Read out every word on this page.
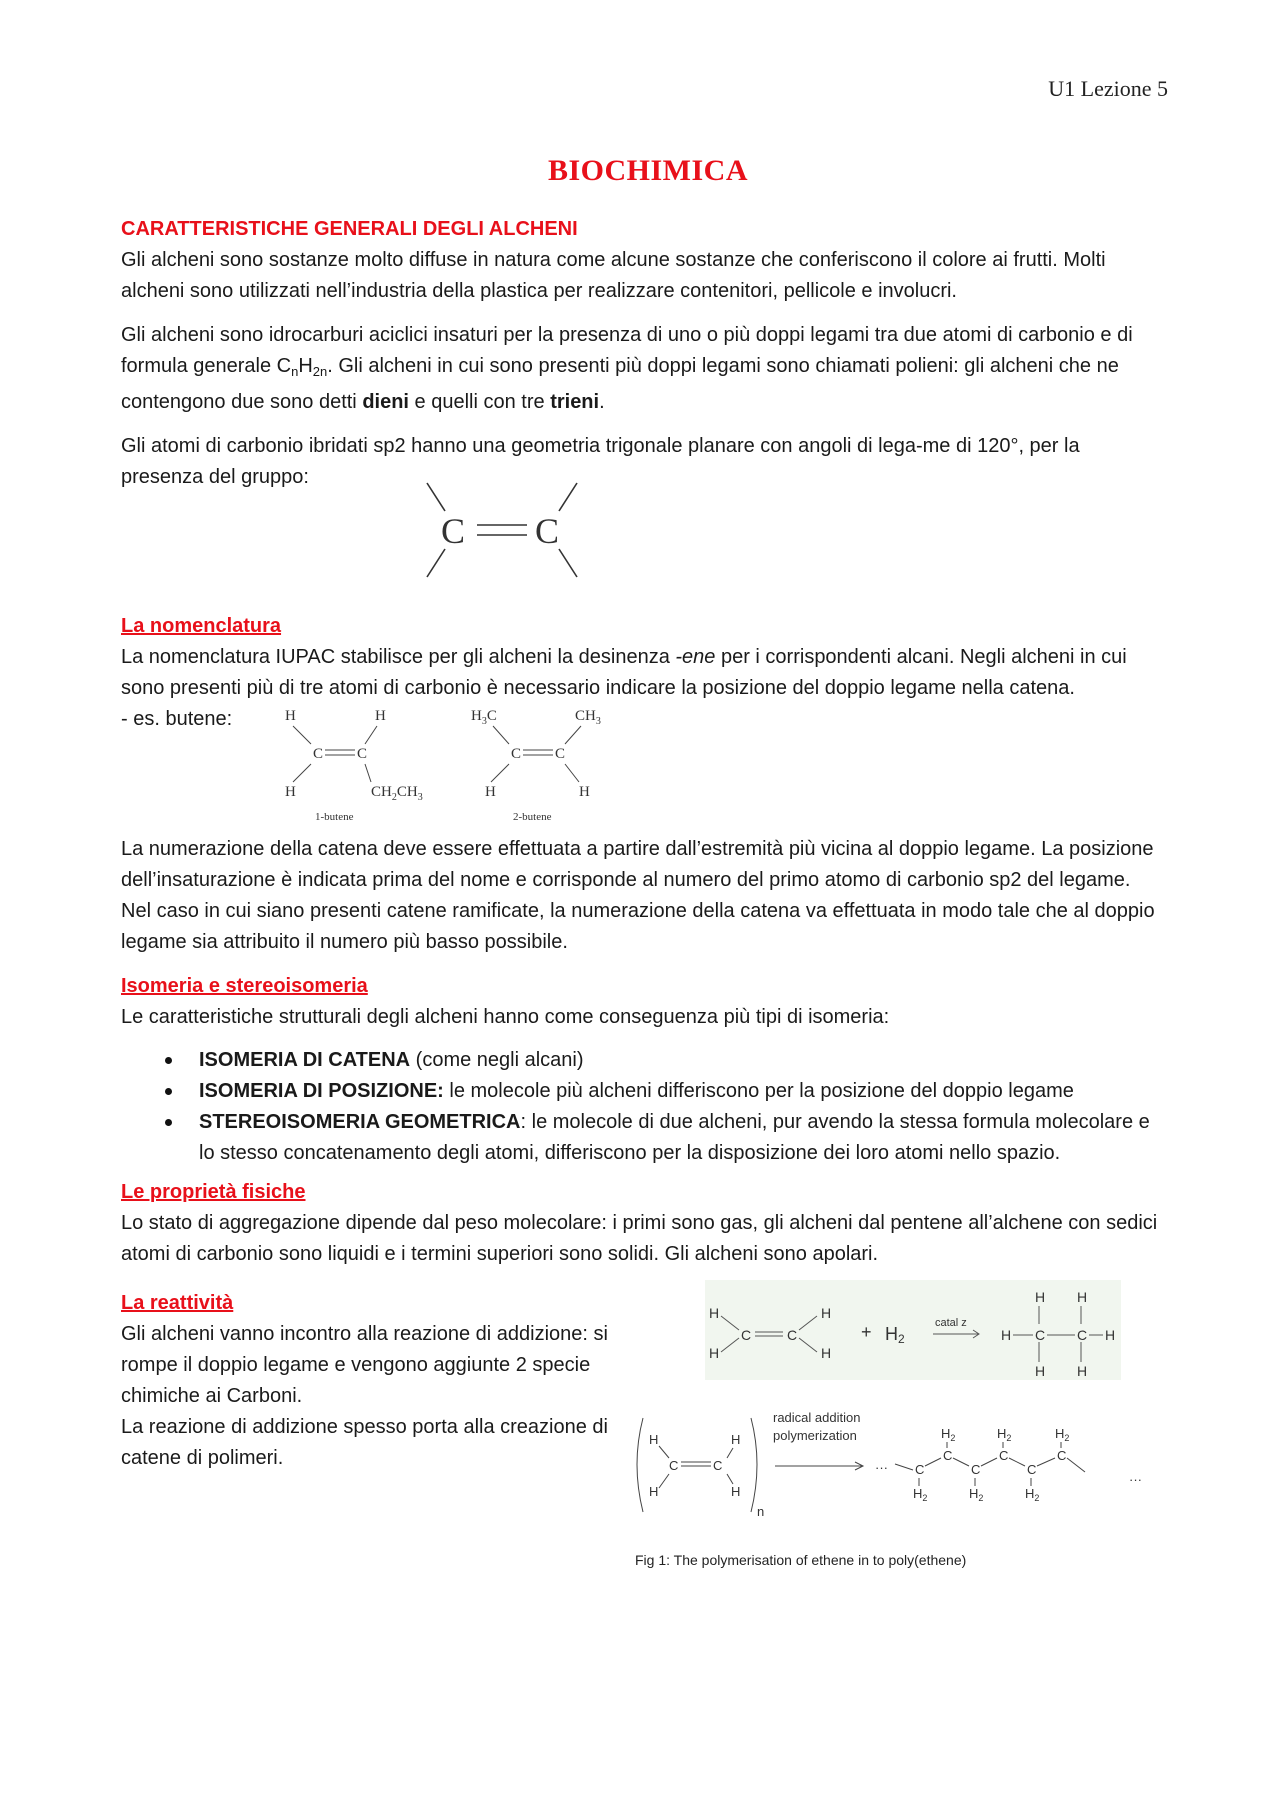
U1 Lezione 5
BIOCHIMICA
CARATTERISTICHE GENERALI DEGLI ALCHENI

Gli alcheni sono sostanze molto diffuse in natura come alcune sostanze che conferiscono il colore ai frutti. Molti alcheni sono utilizzati nell’industria della plastica per realizzare contenitori, pellicole e involucri.

Gli alcheni sono idrocarburi aciclici insaturi per la presenza di uno o più doppi legami tra due atomi di carbonio e di formula generale $C_nH_{2n}$. Gli alcheni in cui sono presenti più doppi legami sono chiamati polieni: gli alcheni che ne contengono due sono detti dieni e quelli con tre trieni.

Gli atomi di carbonio ibridati sp2 hanno una geometria trigonale planare con angoli di lega-me di 120°, per la presenza del gruppo:

C C
La nomenclatura

La nomenclatura IUPAC stabilisce per gli alcheni la desinenza -ene per i corrispondenti alcani. Negli alcheni in cui sono presenti più di tre atomi di carbonio è necessario indicare la posizione del doppio legame nella catena.

- es. butene:	H	H
C C
H	$CH_2CH_3$
1-butene
$H_3C$	$CH_3$
C C
H	H
2-butene

La numerazione della catena deve essere effettuata a partire dall’estremità più vicina al doppio legame. La posizione dell’insaturazione è indicata prima del nome e corrisponde al numero del primo atomo di carbonio sp2 del legame. Nel caso in cui siano presenti catene ramificate, la numerazione della catena va effettuata in modo tale che al doppio legame sia attribuito il numero più basso possibile.

Isomeria e stereoisomeria

Le caratteristiche strutturali degli alcheni hanno come conseguenza più tipi di isomeria:

ISOMERIA DI CATENA (come negli alcani)
ISOMERIA DI POSIZIONE: le molecole più alcheni differiscono per la posizione del doppio legame
STEREOISOMERIA GEOMETRICA: le molecole di due alcheni, pur avendo la stessa formula molecolare e lo stesso concatenamento degli atomi, differiscono per la disposizione dei loro atomi nello spazio.
Le proprietà fisiche

Lo stato di aggregazione dipende dal peso molecolare: i primi sono gas, gli alcheni dal pentene all’alchene con sedici atomi di carbonio sono liquidi e i termini superiori sono solidi. Gli alcheni sono apolari.

La reattività
Gli alcheni vanno incontro alla reazione di addizione: si rompe il doppio legame e vengono aggiunte 2 specie chimiche ai Carboni.
La reazione di addizione spesso porta alla creazione di catene di polimeri.
H
H
C	C
H
H
+ H2
catal z
H C C H
H H
H H
H
H
C	C
H
H
n
radical addition
polymerization
···
···
C
C
C
C
C
C
$H_2$	$H_2$	$H_2$
$H_2$	$H_2$	$H_2$
Fig 1: The polymerisation of ethene in to poly(ethene)
